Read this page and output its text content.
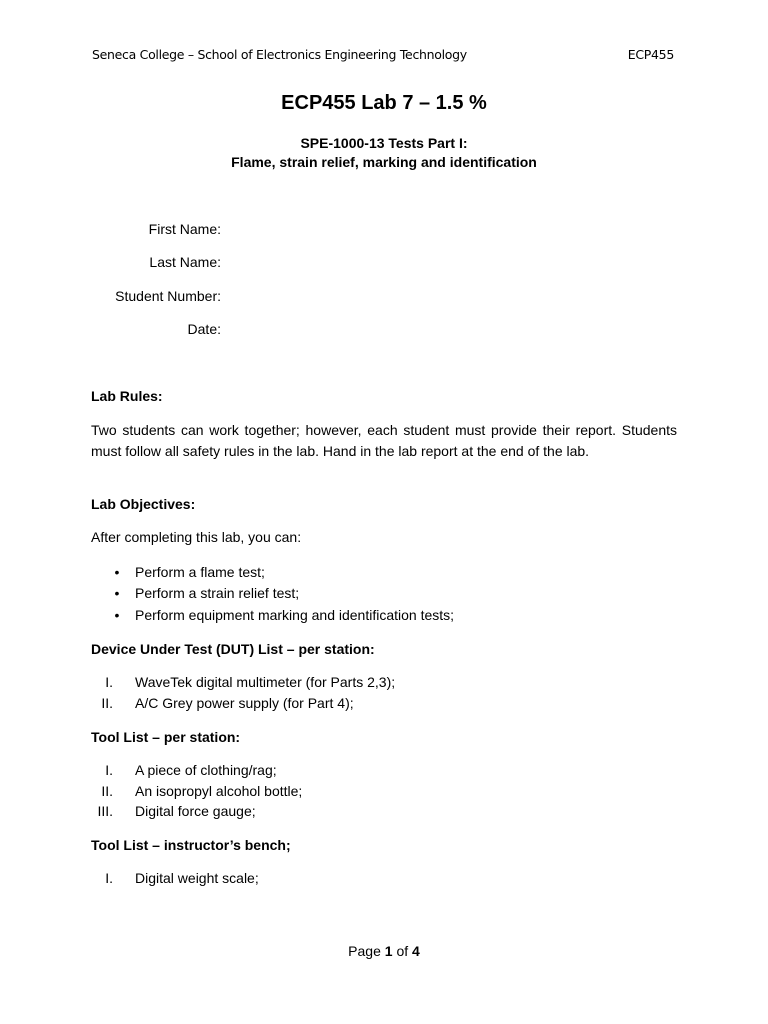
Seneca College – School of Electronics Engineering Technology	ECP455
ECP455 Lab 7 – 1.5 %
SPE-1000-13 Tests Part I:
Flame, strain relief, marking and identification
First Name:
Last Name:
Student Number:
Date:
Lab Rules:
Two students can work together; however, each student must provide their report. Students must follow all safety rules in the lab. Hand in the lab report at the end of the lab.
Lab Objectives:
After completing this lab, you can:
• Perform a flame test;
• Perform a strain relief test;
• Perform equipment marking and identification tests;
Device Under Test (DUT) List – per station:
I. WaveTek digital multimeter (for Parts 2,3);
II. A/C Grey power supply (for Part 4);
Tool List – per station:
I. A piece of clothing/rag;
II. An isopropyl alcohol bottle;
III. Digital force gauge;
Tool List – instructor’s bench;
I. Digital weight scale;
Page 1 of 4
